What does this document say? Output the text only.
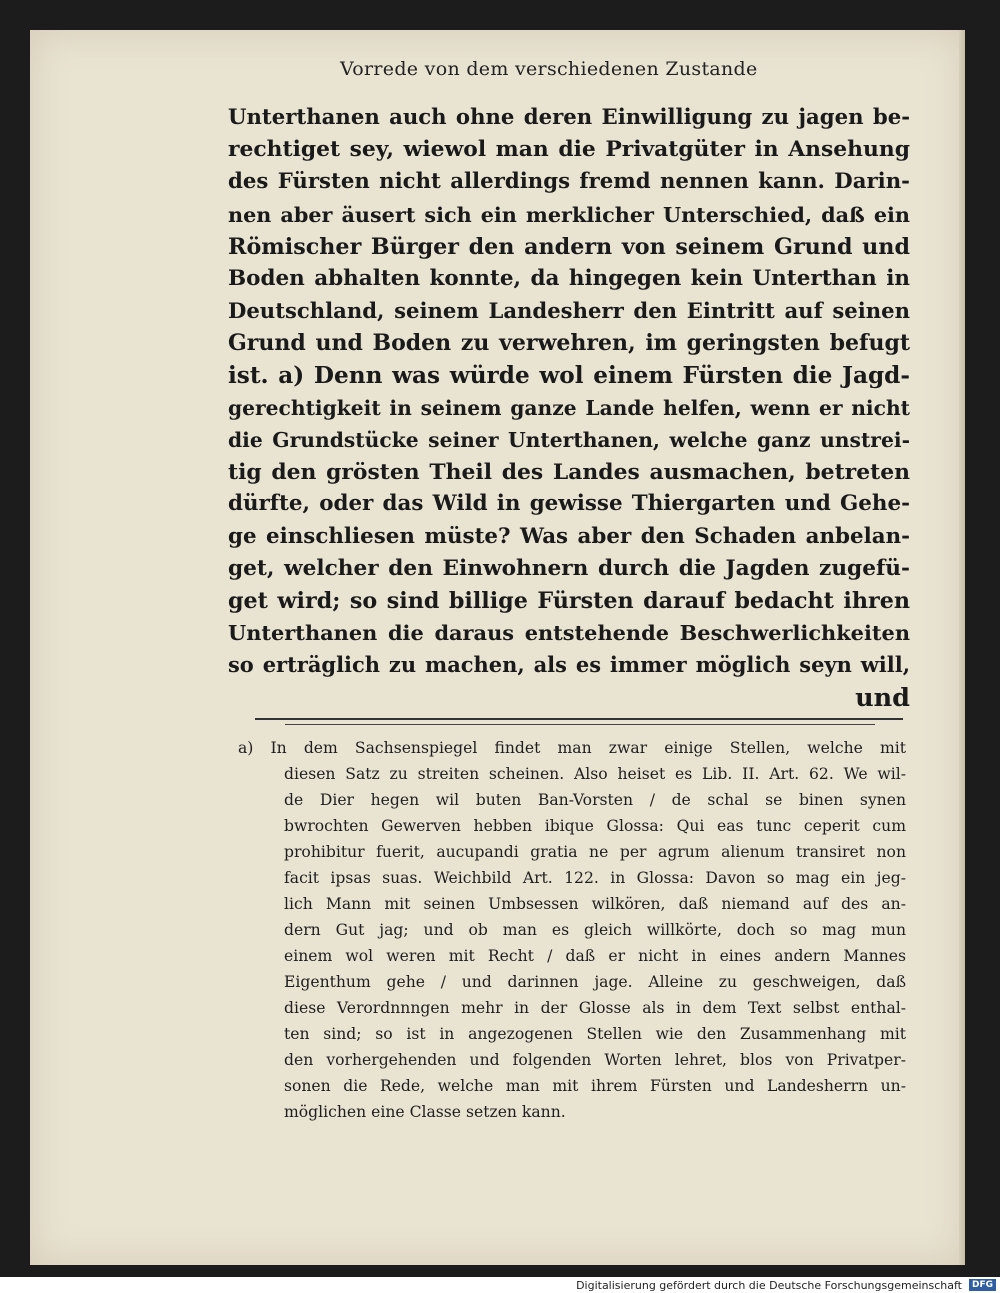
Vorrede von dem verschiedenen Zustande
Unterthanen auch ohne deren Einwilligung zu jagen be-
rechtiget sey, wiewol man die Privatgüter in Ansehung
des Fürsten nicht allerdings fremd nennen kann. Darin-
nen aber äusert sich ein merklicher Unterschied, daß ein
Römischer Bürger den andern von seinem Grund und
Boden abhalten konnte, da hingegen kein Unterthan in
Deutschland, seinem Landesherr den Eintritt auf seinen
Grund und Boden zu verwehren, im geringsten befugt
ist. a) Denn was würde wol einem Fürsten die Jagd-
gerechtigkeit in seinem ganze Lande helfen, wenn er nicht
die Grundstücke seiner Unterthanen, welche ganz unstrei-
tig den grösten Theil des Landes ausmachen, betreten
dürfte, oder das Wild in gewisse Thiergarten und Gehe-
ge einschliesen müste? Was aber den Schaden anbelan-
get, welcher den Einwohnern durch die Jagden zugefü-
get wird; so sind billige Fürsten darauf bedacht ihren
Unterthanen die daraus entstehende Beschwerlichkeiten
so erträglich zu machen, als es immer möglich seyn will,
und
a) In dem Sachsenspiegel findet man zwar einige Stellen, welche mit
diesen Satz zu streiten scheinen. Also heiset es Lib. II. Art. 62. We wil-
de Dier hegen wil buten Ban-Vorsten / de schal se binen synen
bwrochten Gewerven hebben ibique Glossa: Qui eas tunc ceperit cum
prohibitur fuerit, aucupandi gratia ne per agrum alienum transiret non
facit ipsas suas. Weichbild Art. 122. in Glossa: Davon so mag ein jeg-
lich Mann mit seinen Umbsessen wilkören, daß niemand auf des an-
dern Gut jag; und ob man es gleich willkörte, doch so mag mun
einem wol weren mit Recht / daß er nicht in eines andern Mannes
Eigenthum gehe / und darinnen jage. Alleine zu geschweigen, daß
diese Verordnnngen mehr in der Glosse als in dem Text selbst enthal-
ten sind; so ist in angezogenen Stellen wie den Zusammenhang mit
den vorhergehenden und folgenden Worten lehret, blos von Privatper-
sonen die Rede, welche man mit ihrem Fürsten und Landesherrn un-
möglichen eine Classe setzen kann.
Digitalisierung gefördert durch die Deutsche Forschungsgemeinschaft	DFG
